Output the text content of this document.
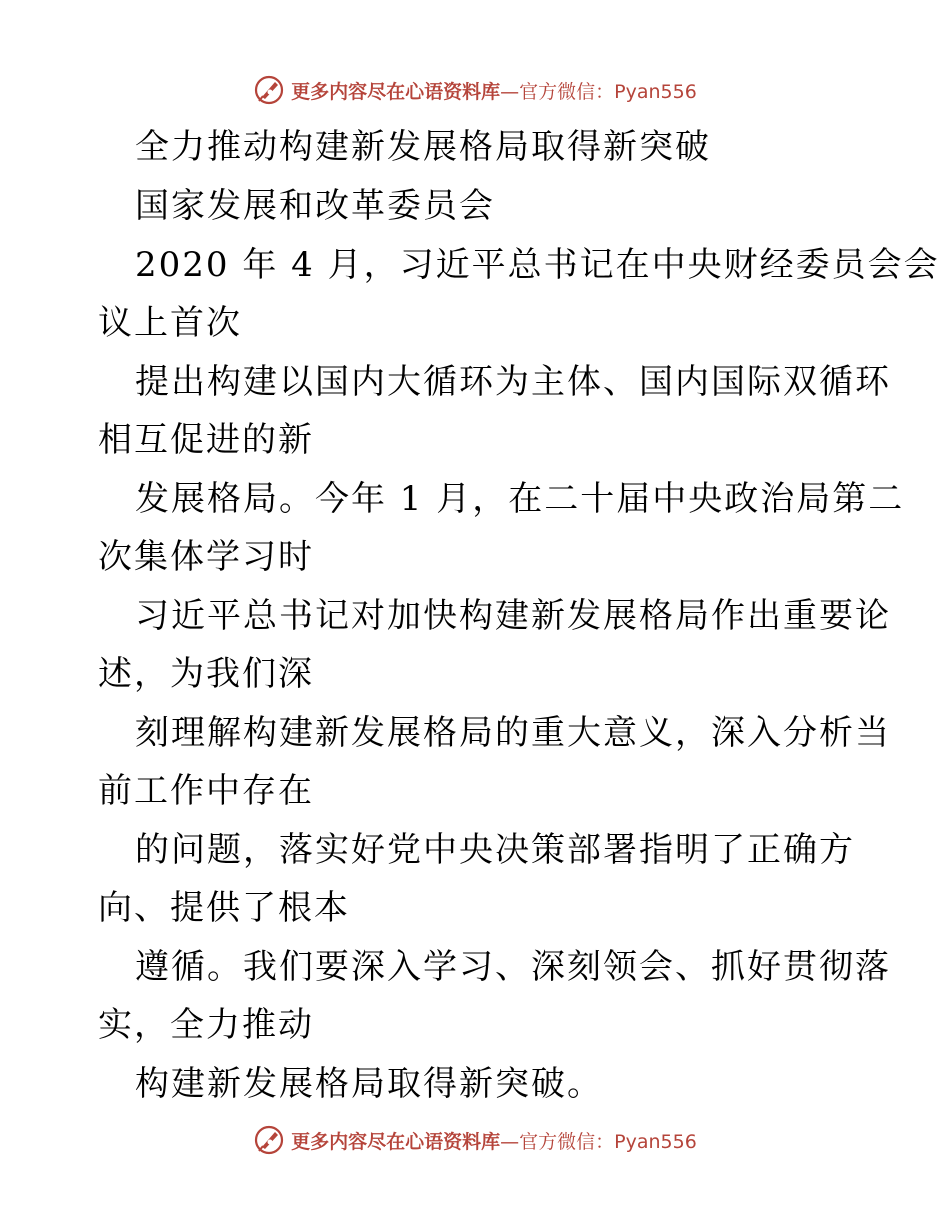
更多内容尽在心语资料库—官方微信：Pyan556
全力推动构建新发展格局取得新突破
国家发展和改革委员会
2020 年 4 月，习近平总书记在中央财经委员会会
议上首次
提出构建以国内大循环为主体、国内国际双循环
相互促进的新
发展格局。今年 1 月，在二十届中央政治局第二
次集体学习时
习近平总书记对加快构建新发展格局作出重要论
述，为我们深
刻理解构建新发展格局的重大意义，深入分析当
前工作中存在
的问题，落实好党中央决策部署指明了正确方
向、提供了根本
遵循。我们要深入学习、深刻领会、抓好贯彻落
实，全力推动
构建新发展格局取得新突破。
更多内容尽在心语资料库—官方微信：Pyan556
